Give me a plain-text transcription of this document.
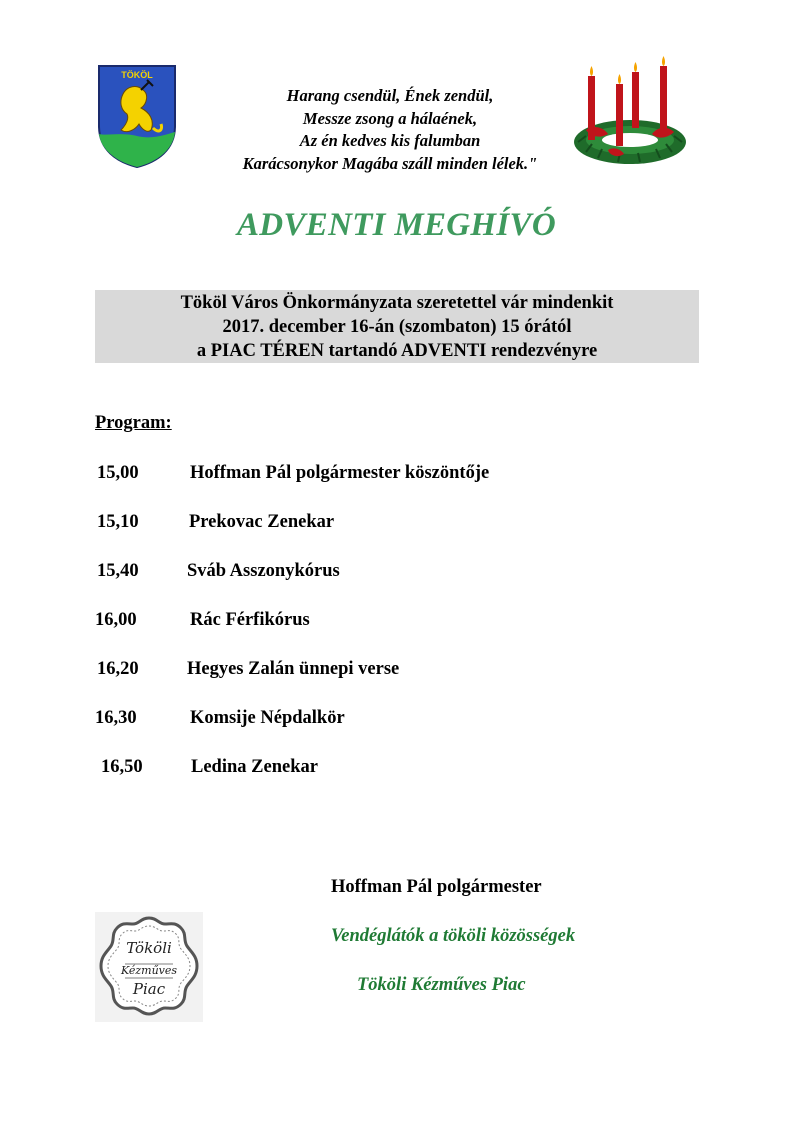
TÖKÖL
Harang csendül, Ének zendül,
Messze zsong a hálaének,
Az én kedves kis falumban
Karácsonykor Magába száll minden lélek."
ADVENTI MEGHÍVÓ
Tököl Város Önkormányzata szeretettel vár mindenkit
2017. december 16-án (szombaton) 15 órától
a PIAC TÉREN tartandó ADVENTI rendezvényre
Program:
15,00	Hoffman Pál polgármester köszöntője
15,10	Prekovac Zenekar
15,40	Sváb Asszonykórus
16,00	Rác Férfikórus
16,20	Hegyes Zalán ünnepi verse
16,30	Komsije Népdalkör
16,50	Ledina Zenekar
Hoffman Pál polgármester
Vendéglátók a tököli közösségek
Tököli Kézműves Piac
Tököli
Kézműves
Piac
